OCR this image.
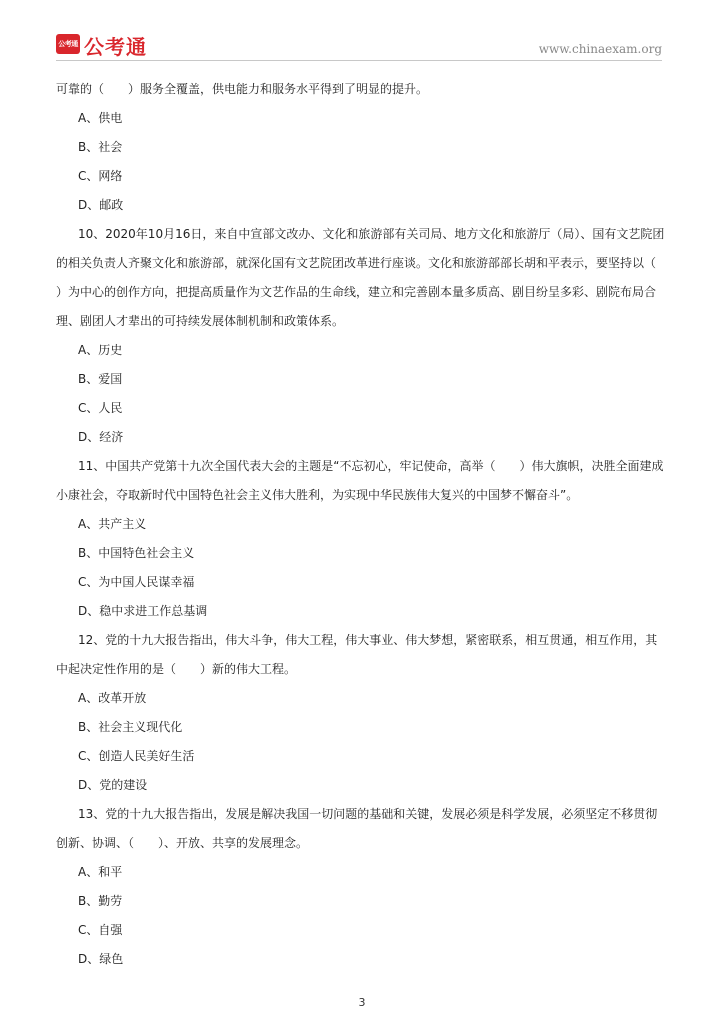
公考通 公考通	www.chinaexam.org
可靠的（　　）服务全覆盖，供电能力和服务水平得到了明显的提升。
A、供电
B、社会
C、网络
D、邮政
10、2020年10月16日，来自中宣部文改办、文化和旅游部有关司局、地方文化和旅游厅（局）、国有文艺院团
的相关负责人齐聚文化和旅游部，就深化国有文艺院团改革进行座谈。文化和旅游部部长胡和平表示，要坚持以（
）为中心的创作方向，把提高质量作为文艺作品的生命线，建立和完善剧本量多质高、剧目纷呈多彩、剧院布局合
理、剧团人才辈出的可持续发展体制机制和政策体系。
A、历史
B、爱国
C、人民
D、经济
11、中国共产党第十九次全国代表大会的主题是“不忘初心，牢记使命，高举（　　）伟大旗帜，决胜全面建成
小康社会，夺取新时代中国特色社会主义伟大胜利，为实现中华民族伟大复兴的中国梦不懈奋斗”。
A、共产主义
B、中国特色社会主义
C、为中国人民谋幸福
D、稳中求进工作总基调
12、党的十九大报告指出，伟大斗争，伟大工程，伟大事业、伟大梦想，紧密联系，相互贯通，相互作用，其
中起决定性作用的是（　　）新的伟大工程。
A、改革开放
B、社会主义现代化
C、创造人民美好生活
D、党的建设
13、党的十九大报告指出，发展是解决我国一切问题的基础和关键，发展必须是科学发展，必须坚定不移贯彻
创新、协调、（　　）、开放、共享的发展理念。
A、和平
B、勤劳
C、自强
D、绿色
3
